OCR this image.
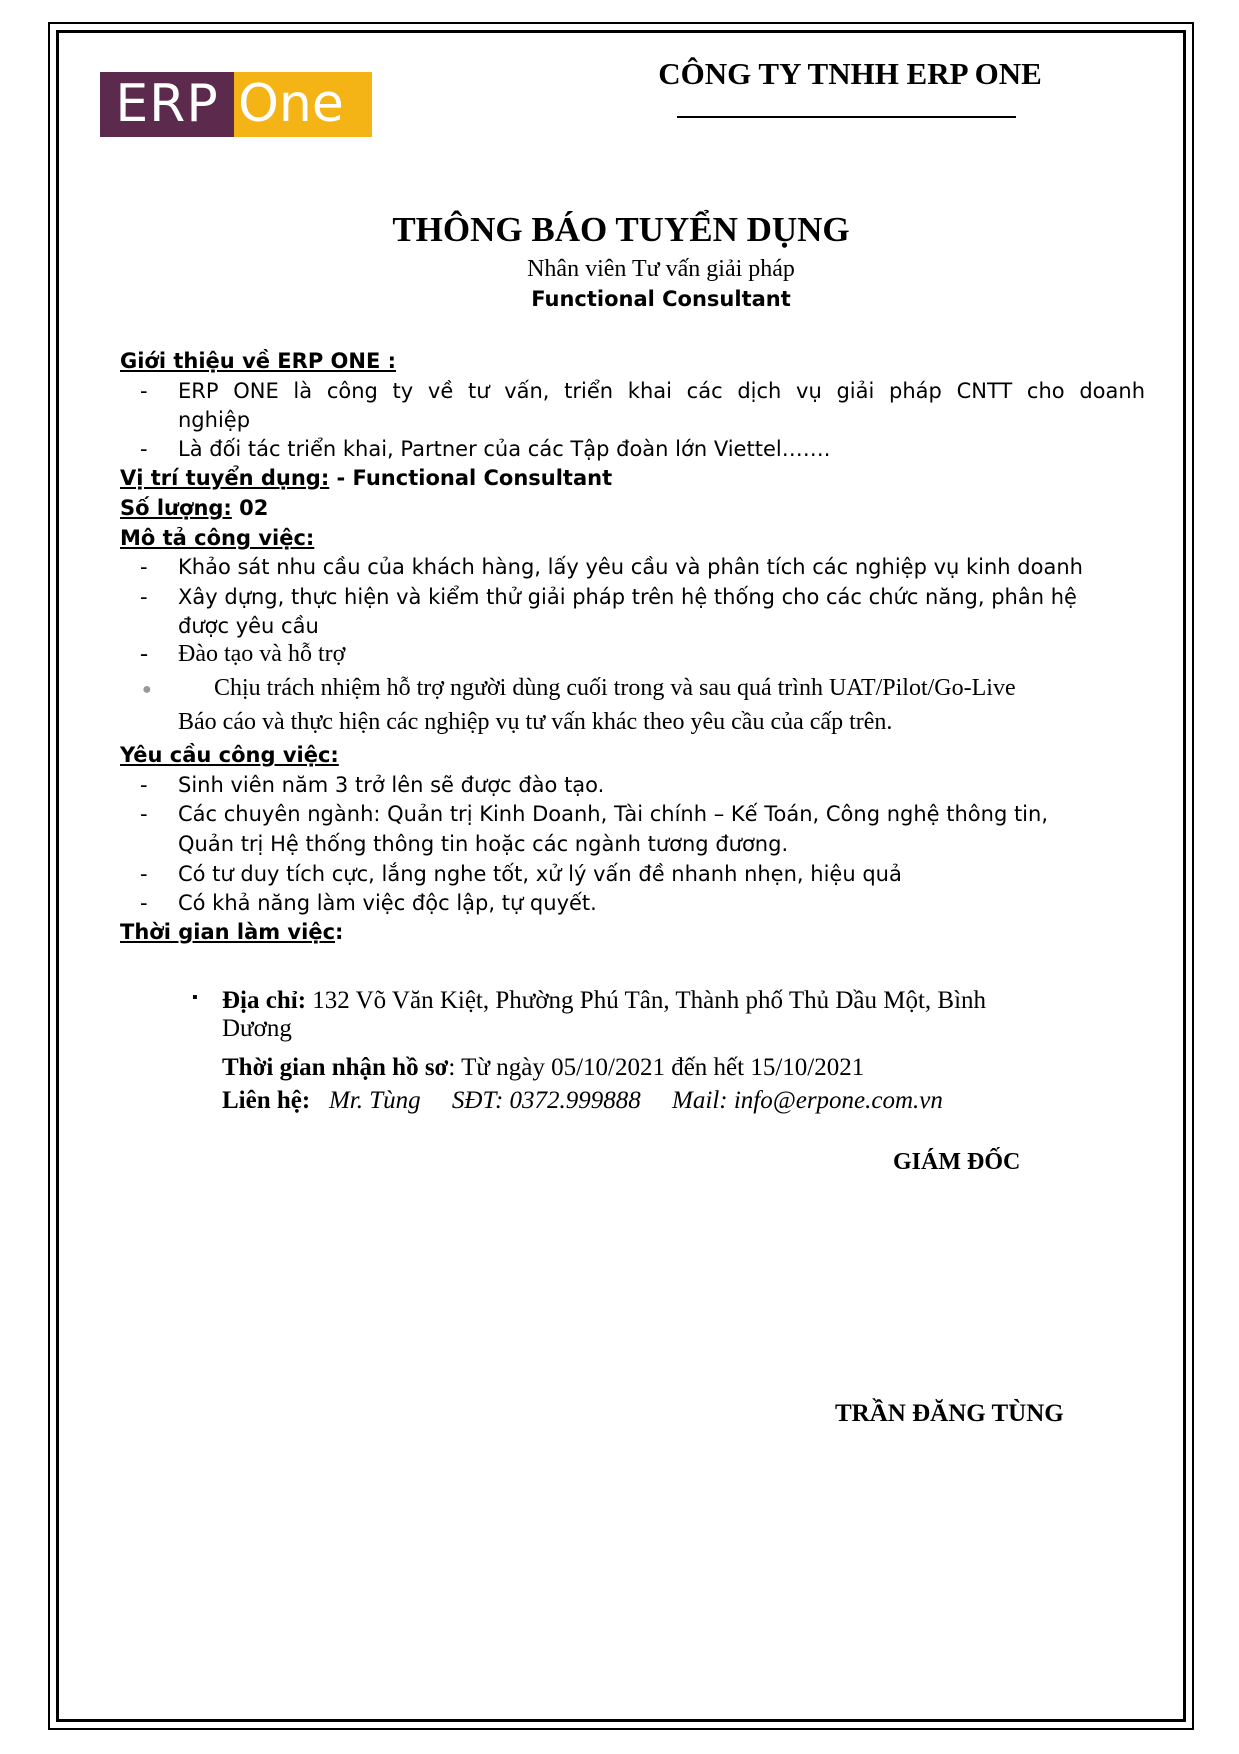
ERP One
CÔNG TY TNHH ERP ONE
THÔNG BÁO TUYỂN DỤNG
Nhân viên Tư vấn giải pháp
Functional Consultant
Giới thiệu về ERP ONE :
- ERP ONE là công ty về tư vấn, triển khai các dịch vụ giải pháp CNTT cho doanh
nghiệp
- Là đối tác triển khai, Partner của các Tập đoàn lớn Viettel…….
Vị trí tuyển dụng: - Functional Consultant
Số lượng: 02
Mô tả công việc:
- Khảo sát nhu cầu của khách hàng, lấy yêu cầu và phân tích các nghiệp vụ kinh doanh
- Xây dựng, thực hiện và kiểm thử giải pháp trên hệ thống cho các chức năng, phân hệ
được yêu cầu
- Đào tạo và hỗ trợ
●	Chịu trách nhiệm hỗ trợ người dùng cuối trong và sau quá trình UAT/Pilot/Go-Live
Báo cáo và thực hiện các nghiệp vụ tư vấn khác theo yêu cầu của cấp trên.
Yêu cầu công việc:
- Sinh viên năm 3 trở lên sẽ được đào tạo.
- Các chuyên ngành: Quản trị Kinh Doanh, Tài chính – Kế Toán, Công nghệ thông tin,
Quản trị Hệ thống thông tin hoặc các ngành tương đương.
- Có tư duy tích cực, lắng nghe tốt, xử lý vấn đề nhanh nhẹn, hiệu quả
- Có khả năng làm việc độc lập, tự quyết.
Thời gian làm việc:
▪ Địa chỉ: 132 Võ Văn Kiệt, Phường Phú Tân, Thành phố Thủ Dầu Một, Bình
Dương
Thời gian nhận hồ sơ: Từ ngày 05/10/2021 đến hết 15/10/2021
Liên hệ: Mr. Tùng SĐT: 0372.999888 Mail: info@erpone.com.vn
GIÁM ĐỐC
TRẦN ĐĂNG TÙNG
